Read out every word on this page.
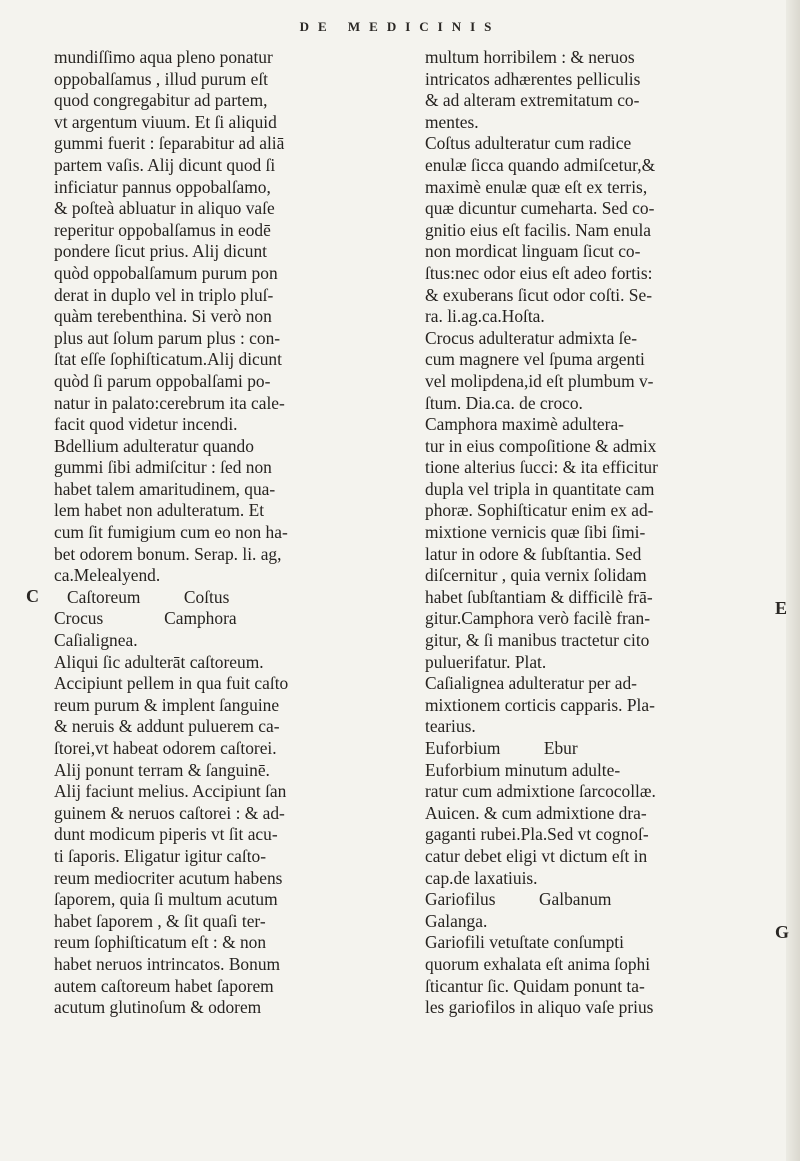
DE MEDICINIS
C
E
G
mundiſſimo aqua pleno ponatur
oppobalſamus , illud purum eſt
quod congregabitur ad partem,
vt argentum viuum. Et ſi aliquid
gummi fuerit : ſeparabitur ad aliā
partem vaſis. Alij dicunt quod ſi
inficiatur pannus oppobalſamo,
& poſteà abluatur in aliquo vaſe
reperitur oppobalſamus in eodē
pondere ſicut prius. Alij dicunt
quòd oppobalſamum purum pon
derat in duplo vel in triplo pluſ-
quàm terebenthina. Si verò non
plus aut ſolum parum plus : con-
ſtat eſſe ſophiſticatum.Alij dicunt
quòd ſi parum oppobalſami po-
natur in palato:cerebrum ita cale-
facit quod videtur incendi.
Bdellium adulteratur quando
gummi ſibi admiſcitur : ſed non
habet talem amaritudinem, qua-
lem habet non adulteratum. Et
cum ſit fumigium cum eo non ha-
bet odorem bonum. Serap. li. ag,
ca.Melealyend.
Caſtoreum          Coſtus
Crocus              Camphora
Caſialignea.
Aliqui ſic adulterāt caſtoreum.
Accipiunt pellem in qua fuit caſto
reum purum & implent ſanguine
& neruis & addunt puluerem ca-
ſtorei,vt habeat odorem caſtorei.
Alij ponunt terram & ſanguinē.
Alij faciunt melius. Accipiunt ſan
guinem & neruos caſtorei : & ad-
dunt modicum piperis vt ſit acu-
ti ſaporis. Eligatur igitur caſto-
reum mediocriter acutum habens
ſaporem, quia ſi multum acutum
habet ſaporem , & ſit quaſi ter-
reum ſophiſticatum eſt : & non
habet neruos intrincatos. Bonum
autem caſtoreum habet ſaporem
acutum glutinoſum & odorem
multum horribilem : & neruos
intricatos adhærentes pelliculis
& ad alteram extremitatum co-
mentes.
Coſtus adulteratur cum radice
enulæ ſicca quando admiſcetur,&
maximè enulæ quæ eſt ex terris,
quæ dicuntur cumeharta. Sed co-
gnitio eius eſt facilis. Nam enula
non mordicat linguam ſicut co-
ſtus:nec odor eius eſt adeo fortis:
& exuberans ſicut odor coſti. Se-
ra. li.ag.ca.Hoſta.
Crocus adulteratur admixta ſe-
cum magnere vel ſpuma argenti
vel molipdena,id eſt plumbum v-
ſtum. Dia.ca. de croco.
Camphora maximè adultera-
tur in eius compoſitione & admix
tione alterius ſucci: & ita efficitur
dupla vel tripla in quantitate cam
phoræ. Sophiſticatur enim ex ad-
mixtione vernicis quæ ſibi ſimi-
latur in odore & ſubſtantia. Sed
diſcernitur , quia vernix ſolidam
habet ſubſtantiam & difficilè frā-
gitur.Camphora verò facilè fran-
gitur, & ſi manibus tractetur cito
puluerifatur. Plat.
Caſialignea adulteratur per ad-
mixtionem corticis capparis. Pla-
tearius.
Euforbium          Ebur
Euforbium minutum adulte-
ratur cum admixtione ſarcocollæ.
Auicen. & cum admixtione dra-
gaganti rubei.Pla.Sed vt cognoſ-
catur debet eligi vt dictum eſt in
cap.de laxatiuis.
Gariofilus          Galbanum
Galanga.
Gariofili vetuſtate conſumpti
quorum exhalata eſt anima ſophi
ſticantur ſic. Quidam ponunt ta-
les gariofilos in aliquo vaſe prius
